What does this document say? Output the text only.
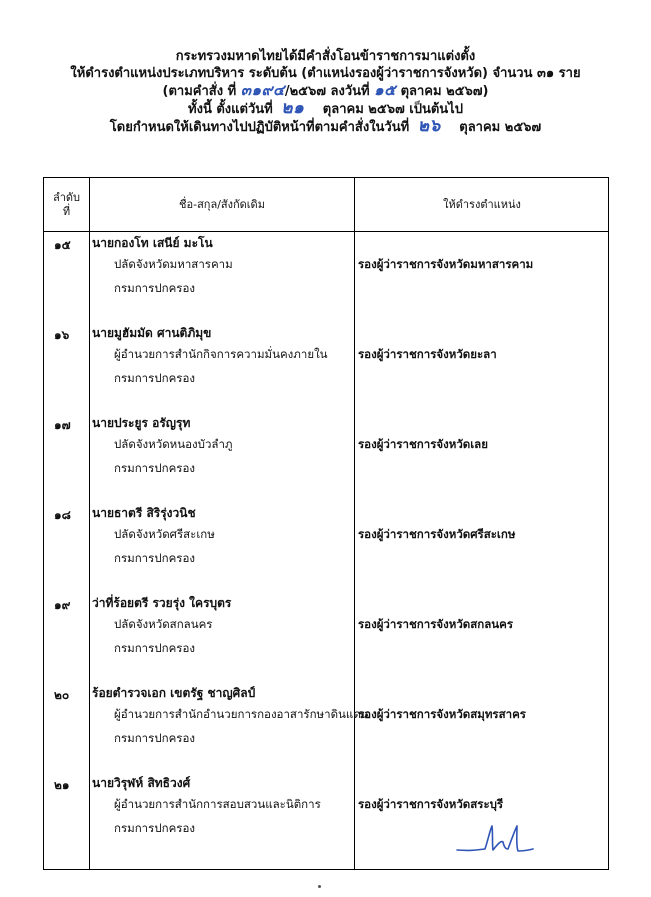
กระทรวงมหาดไทยได้มีคำสั่งโอนข้าราชการมาแต่งตั้ง
ให้ดำรงตำแหน่งประเภทบริหาร ระดับต้น (ตำแหน่งรองผู้ว่าราชการจังหวัด) จำนวน ๓๑ ราย
(ตามคำสั่ง ที่ ๓๑๙๔/๒๕๖๗ ลงวันที่ ๑๕ ตุลาคม ๒๕๖๗)
ทั้งนี้ ตั้งแต่วันที่ ๒๑ ตุลาคม ๒๕๖๗ เป็นต้นไป
โดยกำหนดให้เดินทางไปปฏิบัติหน้าที่ตามคำสั่งในวันที่ ๒๖ ตุลาคม ๒๕๖๗
ลำดับ
ที่
ชื่อ-สกุล/สังกัดเดิม	ให้ดำรงตำแหน่ง
๑๕ นายกองโท เสนีย์ มะโน
ปลัดจังหวัดมหาสารคาม
กรมการปกครอง
รองผู้ว่าราชการจังหวัดมหาสารคาม
๑๖ นายมูฮัมมัด ศานติภิมุข
ผู้อำนวยการสำนักกิจการความมั่นคงภายใน
กรมการปกครอง
รองผู้ว่าราชการจังหวัดยะลา
๑๗ นายประยูร อรัญรุท
ปลัดจังหวัดหนองบัวลำภู
กรมการปกครอง
รองผู้ว่าราชการจังหวัดเลย
๑๘ นายธาตรี สิริรุ่งวนิช
ปลัดจังหวัดศรีสะเกษ
กรมการปกครอง
รองผู้ว่าราชการจังหวัดศรีสะเกษ
๑๙ ว่าที่ร้อยตรี รวยรุ่ง ใครบุตร
ปลัดจังหวัดสกลนคร
กรมการปกครอง
รองผู้ว่าราชการจังหวัดสกลนคร
๒๐ ร้อยตำรวจเอก เขตรัฐ ชาญศิลป์
ผู้อำนวยการสำนักอำนวยการกองอาสารักษาดินแดน
กรมการปกครอง
รองผู้ว่าราชการจังหวัดสมุทรสาคร
๒๑ นายวิรุฬห์ สิทธิวงศ์
ผู้อำนวยการสำนักการสอบสวนและนิติการ
กรมการปกครอง
รองผู้ว่าราชการจังหวัดสระบุรี
